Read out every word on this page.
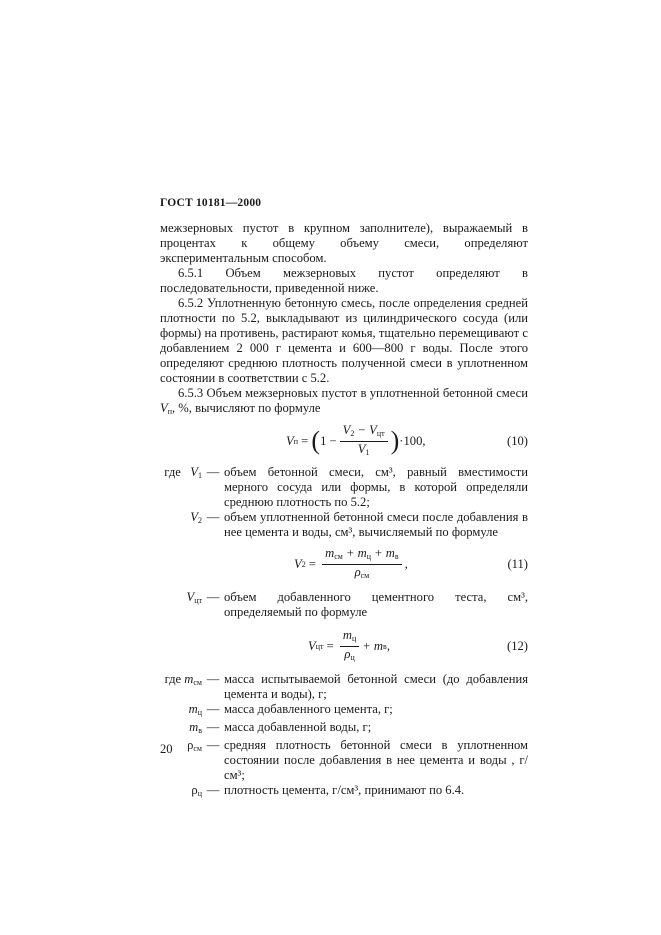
ГОСТ 10181—2000

межзерновых пустот в крупном заполнителе), выражаемый в процентах к общему объему смеси, определяют экспериментальным способом.

6.5.1 Объем межзерновых пустот определяют в последовательности, приведенной ниже.

6.5.2 Уплотненную бетонную смесь, после определения средней плотности по 5.2, выкладывают из цилиндрического сосуда (или формы) на противень, растирают комья, тщательно перемещивают с добавлением 2 000 г цемента и 600—800 г воды. После этого определяют среднюю плотность полученной смеси в уплотненном состоянии в соответствии с 5.2.

6.5.3 Объем межзерновых пустот в уплотненной бетонной смеси $V_п$, %, вычисляют по формуле

V п = ( $1 - \frac{V_2 - V_{цт}}{V_1}$ ) ·100,	(10)
где $V_1$ — объем бетонной смеси, см³, равный вместимости мерного сосуда или формы, в которой определяли среднюю плотность по 5.2;
$V_2$ — объем уплотненной бетонной смеси после добавления в нее цемента и воды, см³, вычисляемый по формуле
V $2 = \frac{m_{см} + m_ц + m_в}{\rho_{см}}$ ,	(11)
$V_{цт}$ — объем добавленного цементного теста, см³, определяемый по формуле
V цт = $\frac{m_ц}{\rho_ц} + m$ в ,	(12)
где $m_{см}$ — масса испытываемой бетонной смеси (до добавления цемента и воды), г;
$m_ц$ — масса добавленного цемента, г;
$m_в$ — масса добавленной воды, г;
$\rho_{см}$ — средняя плотность бетонной смеси в уплотненном состоянии после добавления в нее цемента и воды , г/см³;
$\rho_ц$ — плотность цемента, г/см³, принимают по 6.4.
20
